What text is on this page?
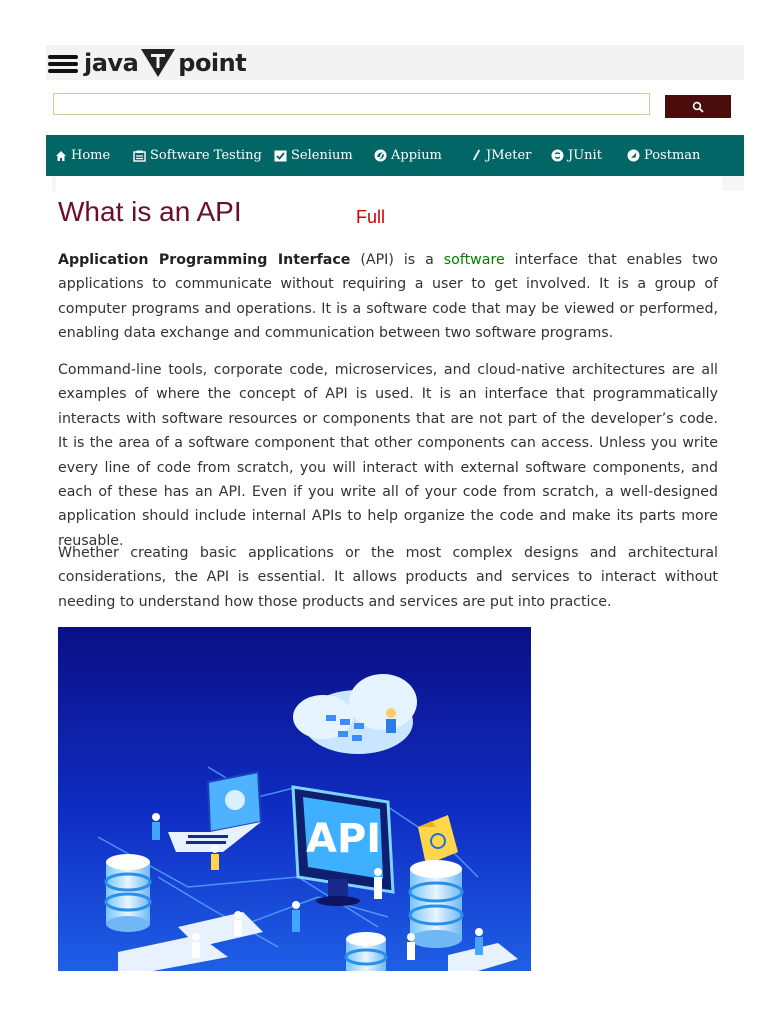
java point
Home	Software Testing Selenium	Appium	JMeter	JUnit	Postman
What is an API	Full

Application Programming Interface (API) is a software interface that enables two applications to communicate without requiring a user to get involved. It is a group of computer programs and operations. It is a software code that may be viewed or performed, enabling data exchange and communication between two software programs.

Command-line tools, corporate code, microservices, and cloud-native architectures are all examples of where the concept of API is used. It is an interface that programmatically interacts with software resources or components that are not part of the developer’s code. It is the area of a software component that other components can access. Unless you write every line of code from scratch, you will interact with external software components, and each of these has an API. Even if you write all of your code from scratch, a well-designed application should include internal APIs to help organize the code and make its parts more reusable.

Whether creating basic applications or the most complex designs and architectural considerations, the API is essential. It allows products and services to interact without needing to understand how those products and services are put into practice.

API
